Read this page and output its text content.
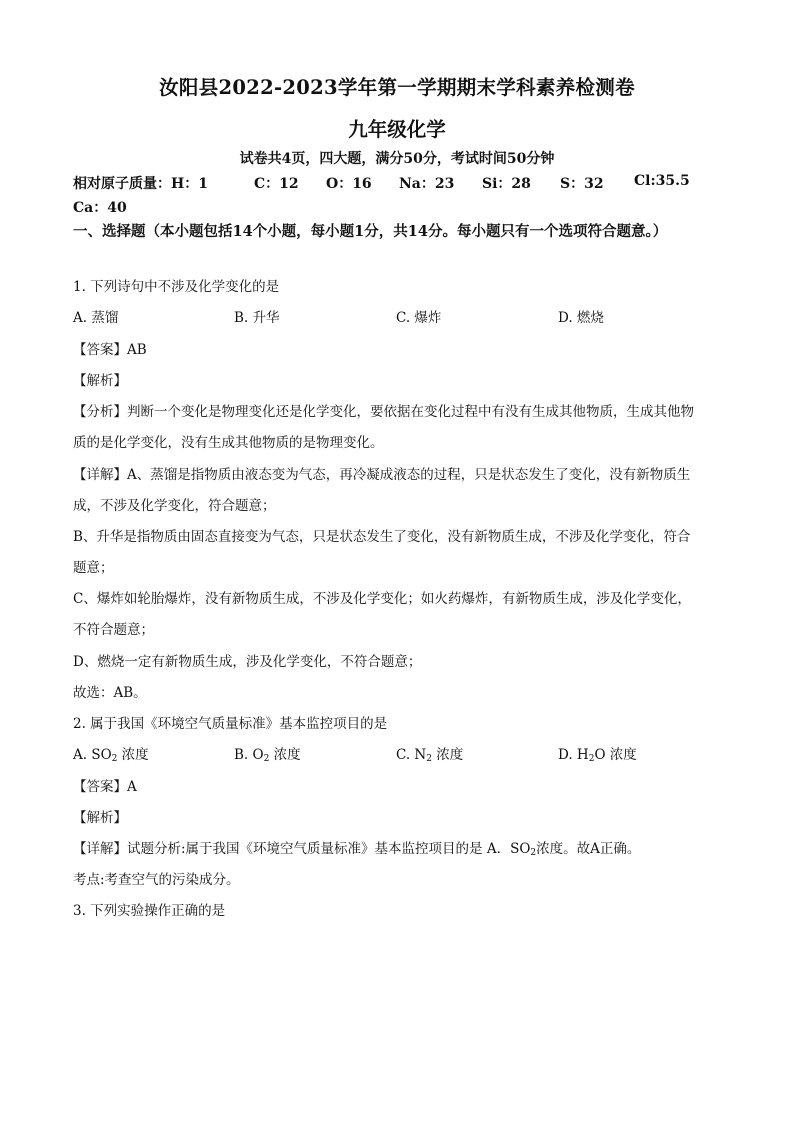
汝阳县2022-2023学年第一学期期末学科素养检测卷
九年级化学
试卷共4页，四大题，满分50分，考试时间50分钟
相对原子质量：H：1	C：12 O：16 Na：23 Si：28 S：32 Cl:35.5
Ca：40
一、选择题（本小题包括14个小题，每小题1分，共14分。每小题只有一个选项符合题意。）
1. 下列诗句中不涉及化学变化的是
A. 蒸馏	B. 升华	C. 爆炸	D. 燃烧
【答案】AB
【解析】
【分析】判断一个变化是物理变化还是化学变化，要依据在变化过程中有没有生成其他物质，生成其他物
质的是化学变化，没有生成其他物质的是物理变化。
【详解】A、蒸馏是指物质由液态变为气态，再冷凝成液态的过程，只是状态发生了变化，没有新物质生
成，不涉及化学变化，符合题意；
B、升华是指物质由固态直接变为气态，只是状态发生了变化，没有新物质生成，不涉及化学变化，符合
题意；
C、爆炸如轮胎爆炸，没有新物质生成，不涉及化学变化；如火药爆炸，有新物质生成，涉及化学变化，
不符合题意；
D、燃烧一定有新物质生成，涉及化学变化，不符合题意；
故选：AB。
2. 属于我国《环境空气质量标准》基本监控项目的是
A. $SO_2$ 浓度	B. $O_2$ 浓度	C. $N_2$ 浓度	D. $H_2O$ 浓度
【答案】A
【解析】
【详解】试题分析:属于我国《环境空气质量标准》基本监控项目的是 A．$SO_2$浓度。故A正确。
考点:考查空气的污染成分。
3. 下列实验操作正确的是
